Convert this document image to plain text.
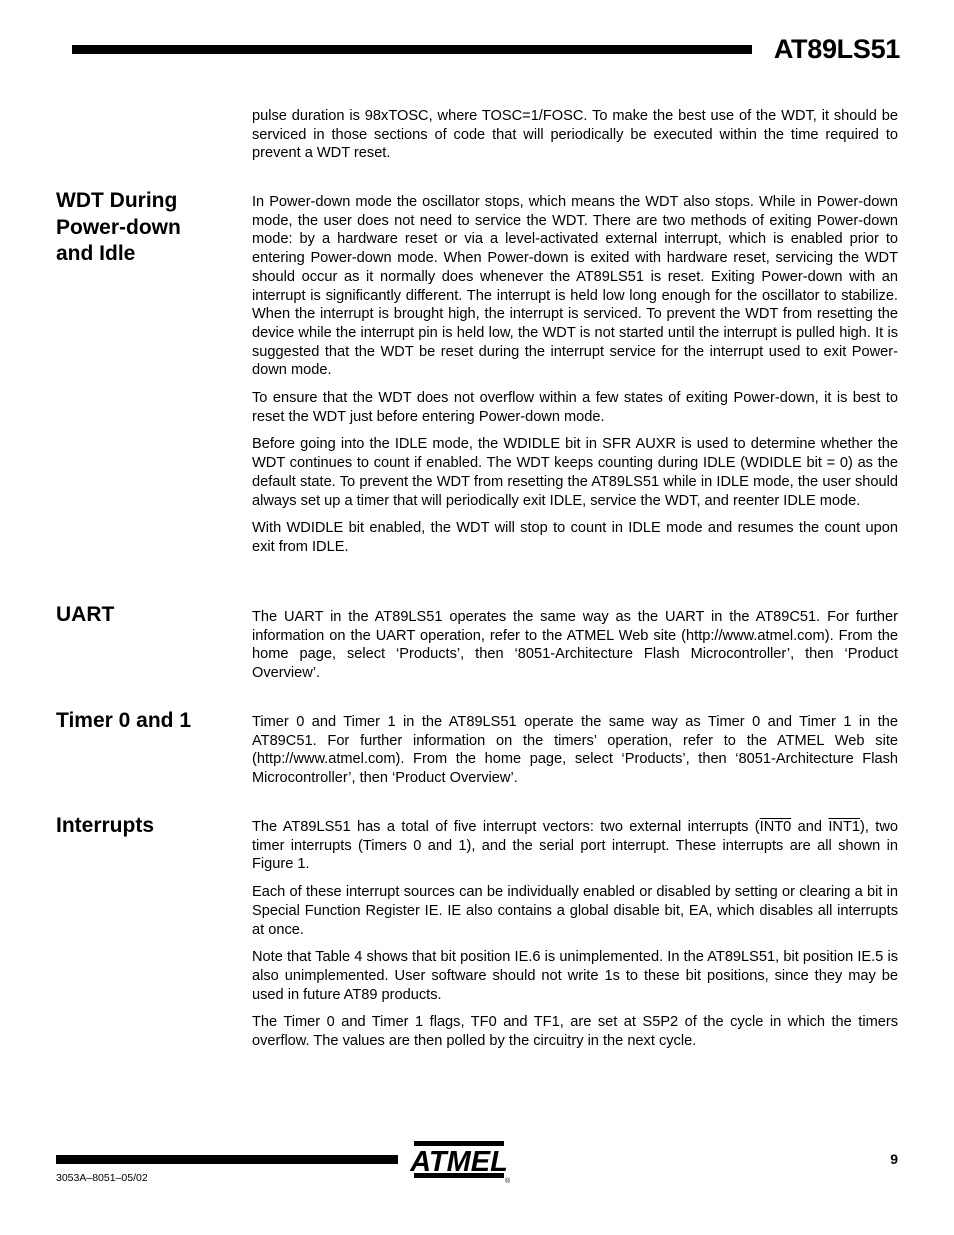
AT89LS51

pulse duration is 98xTOSC, where TOSC=1/FOSC. To make the best use of the WDT, it should be serviced in those sections of code that will periodically be executed within the time required to prevent a WDT reset.

WDT During
Power-down
and Idle

In Power-down mode the oscillator stops, which means the WDT also stops. While in Power-down mode, the user does not need to service the WDT. There are two methods of exiting Power-down mode: by a hardware reset or via a level-activated external interrupt, which is enabled prior to entering Power-down mode. When Power-down is exited with hardware reset, servicing the WDT should occur as it normally does whenever the AT89LS51 is reset. Exiting Power-down with an interrupt is significantly different. The interrupt is held low long enough for the oscillator to stabilize. When the interrupt is brought high, the interrupt is serviced. To prevent the WDT from resetting the device while the interrupt pin is held low, the WDT is not started until the interrupt is pulled high. It is suggested that the WDT be reset during the interrupt service for the interrupt used to exit Power-down mode.

To ensure that the WDT does not overflow within a few states of exiting Power-down, it is best to reset the WDT just before entering Power-down mode.

Before going into the IDLE mode, the WDIDLE bit in SFR AUXR is used to determine whether the WDT continues to count if enabled. The WDT keeps counting during IDLE (WDIDLE bit = 0) as the default state. To prevent the WDT from resetting the AT89LS51 while in IDLE mode, the user should always set up a timer that will periodically exit IDLE, service the WDT, and reenter IDLE mode.

With WDIDLE bit enabled, the WDT will stop to count in IDLE mode and resumes the count upon exit from IDLE.

UART	The UART in the AT89LS51 operates the same way as the UART in the AT89C51. For further information on the UART operation, refer to the ATMEL Web site (http://www.atmel.com). From the home page, select ‘Products’, then ‘8051-Architecture Flash Microcontroller’, then ‘Product Overview’.

Timer 0 and 1	Timer 0 and Timer 1 in the AT89LS51 operate the same way as Timer 0 and Timer 1 in the AT89C51. For further information on the timers’ operation, refer to the ATMEL Web site (http://www.atmel.com). From the home page, select ‘Products’, then ‘8051-Architecture Flash Microcontroller’, then ‘Product Overview’.

Interrupts	The AT89LS51 has a total of five interrupt vectors: two external interrupts (INT0 and INT1), two timer interrupts (Timers 0 and 1), and the serial port interrupt. These interrupts are all shown in Figure 1.

Each of these interrupt sources can be individually enabled or disabled by setting or clearing a bit in Special Function Register IE. IE also contains a global disable bit, EA, which disables all interrupts at once.

Note that Table 4 shows that bit position IE.6 is unimplemented. In the AT89LS51, bit position IE.5 is also unimplemented. User software should not write 1s to these bit positions, since they may be used in future AT89 products.

The Timer 0 and Timer 1 flags, TF0 and TF1, are set at S5P2 of the cycle in which the timers overflow. The values are then polled by the circuitry in the next cycle.

ATMEL
®
9
3053A–8051–05/02
